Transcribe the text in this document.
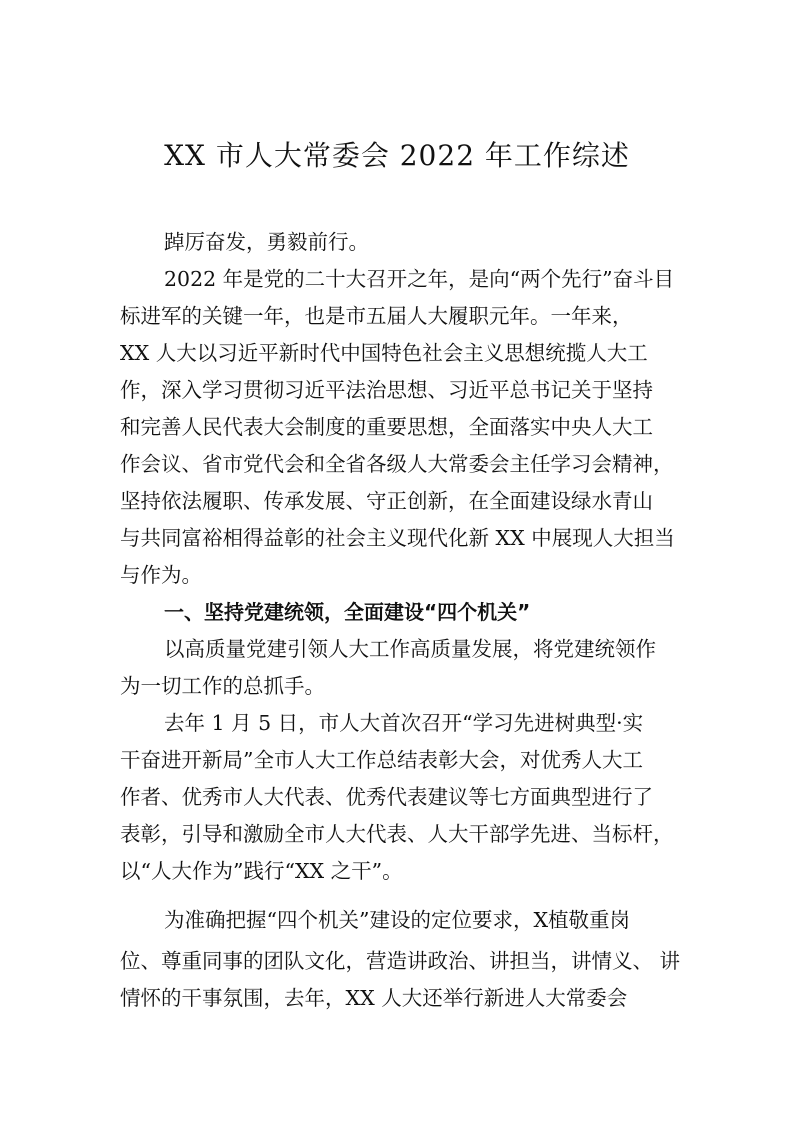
XX 市人大常委会 2022 年工作综述
踔厉奋发，勇毅前行。
2022 年是党的二十大召开之年，是向“两个先行”奋斗目
标进军的关键一年，也是市五届人大履职元年。一年来，
XX 人大以习近平新时代中国特色社会主义思想统揽人大工
作，深入学习贯彻习近平法治思想、习近平总书记关于坚持
和完善人民代表大会制度的重要思想，全面落实中央人大工
作会议、省市党代会和全省各级人大常委会主任学习会精神，
坚持依法履职、传承发展、守正创新，在全面建设绿水青山
与共同富裕相得益彰的社会主义现代化新 XX 中展现人大担当
与作为。
一、坚持党建统领，全面建设“四个机关”
以高质量党建引领人大工作高质量发展，将党建统领作
为一切工作的总抓手。
去年 1 月 5 日，市人大首次召开“学习先进树典型·实
干奋进开新局”全市人大工作总结表彰大会，对优秀人大工
作者、优秀市人大代表、优秀代表建议等七方面典型进行了
表彰，引导和激励全市人大代表、人大干部学先进、当标杆，
以“人大作为”践行“XX 之干”。
为准确把握“四个机关”建设的定位要求，X植敬重岗
位、尊重同事的团队文化，营造讲政治、讲担当，讲情义、 讲
情怀的干事氛围，去年，XX 人大还举行新进人大常委会
